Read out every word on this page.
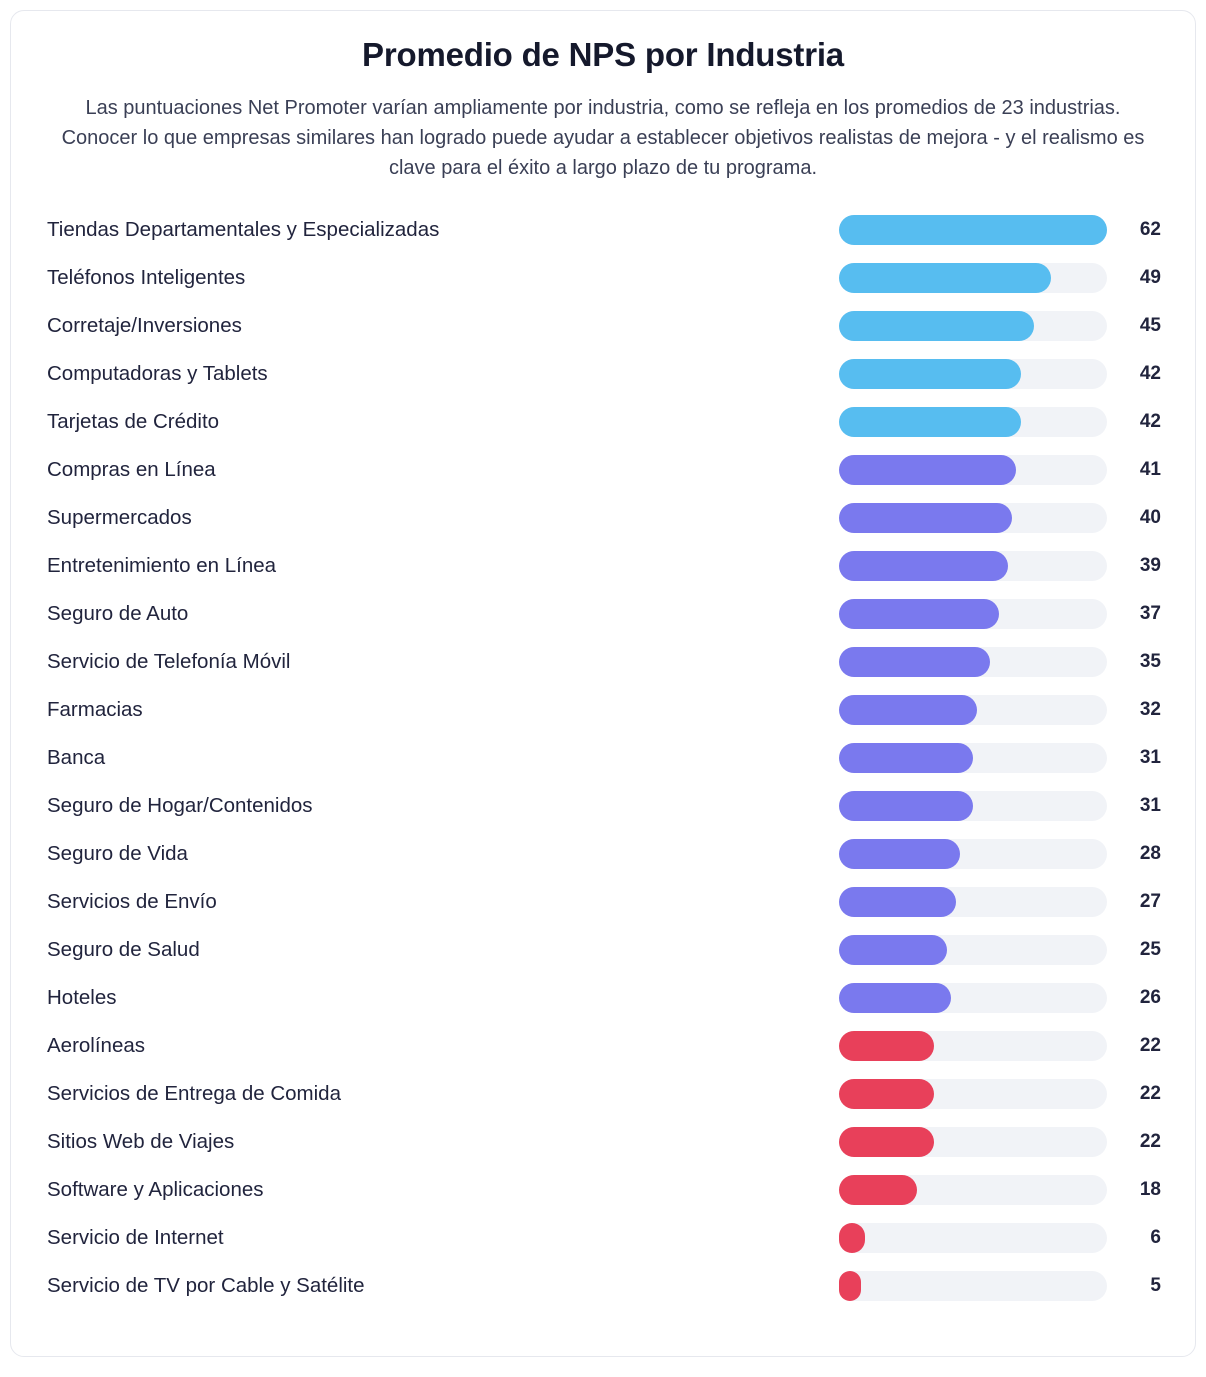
Promedio de NPS por Industria
Las puntuaciones Net Promoter varían ampliamente por industria, como se refleja en los promedios de 23 industrias. Conocer lo que empresas similares han logrado puede ayudar a establecer objetivos realistas de mejora - y el realismo es clave para el éxito a largo plazo de tu programa.
Tiendas Departamentales y Especializadas	62
Teléfonos Inteligentes	49
Corretaje/Inversiones	45
Computadoras y Tablets	42
Tarjetas de Crédito	42
Compras en Línea	41
Supermercados	40
Entretenimiento en Línea	39
Seguro de Auto	37
Servicio de Telefonía Móvil	35
Farmacias	32
Banca	31
Seguro de Hogar/Contenidos	31
Seguro de Vida	28
Servicios de Envío	27
Seguro de Salud	25
Hoteles	26
Aerolíneas	22
Servicios de Entrega de Comida	22
Sitios Web de Viajes	22
Software y Aplicaciones	18
Servicio de Internet	6
Servicio de TV por Cable y Satélite	5
